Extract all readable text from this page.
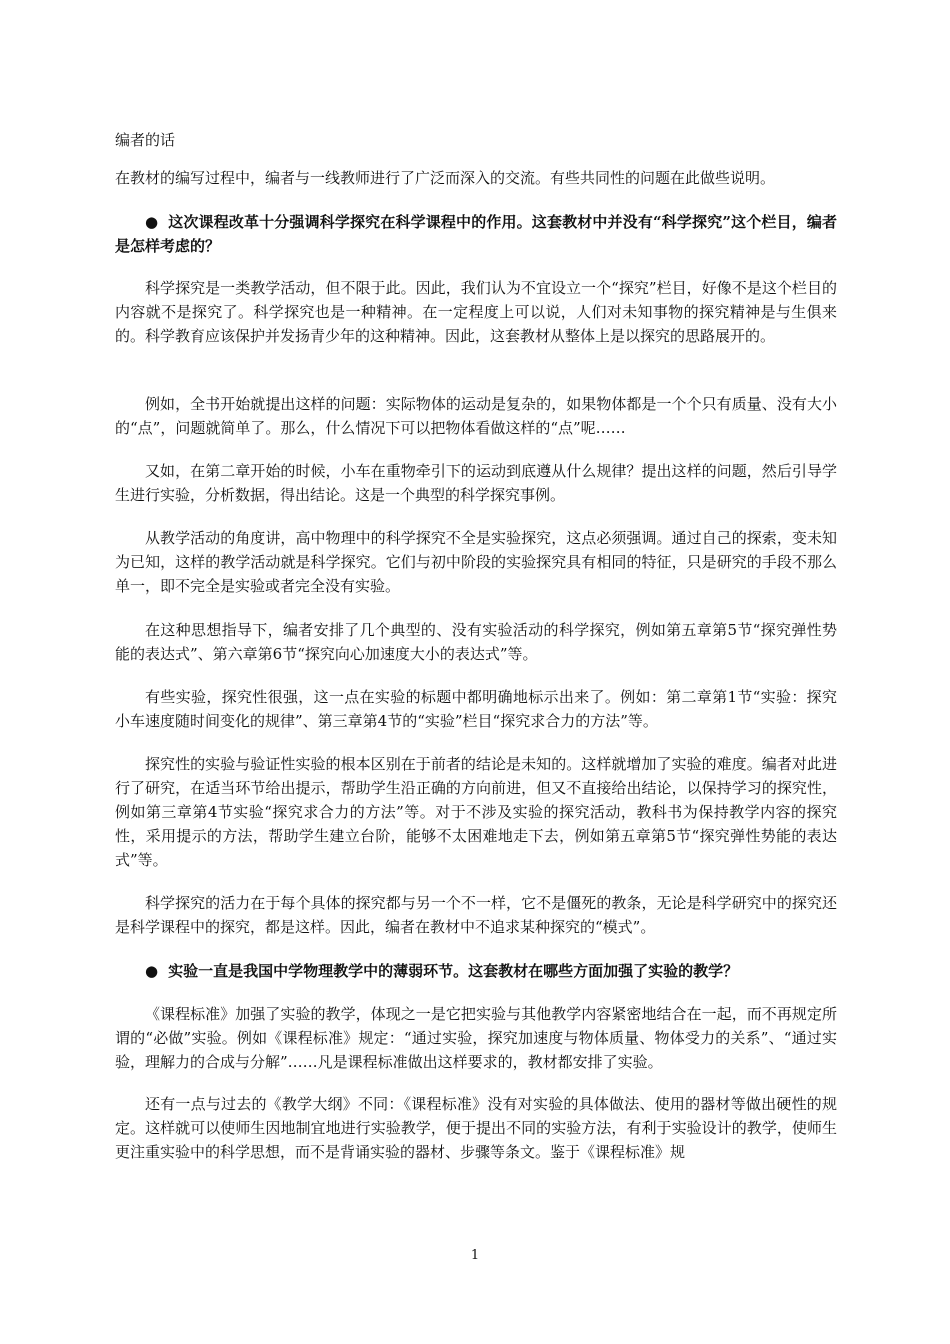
编者的话

在教材的编写过程中，编者与一线教师进行了广泛而深入的交流。有些共同性的问题在此做些说明。

● 这次课程改革十分强调科学探究在科学课程中的作用。这套教材中并没有“科学探究”这个栏目，编者是怎样考虑的？

科学探究是一类教学活动，但不限于此。因此，我们认为不宜设立一个“探究”栏目，好像不是这个栏目的内容就不是探究了。科学探究也是一种精神。在一定程度上可以说，人们对未知事物的探究精神是与生俱来的。科学教育应该保护并发扬青少年的这种精神。因此，这套教材从整体上是以探究的思路展开的。

例如，全书开始就提出这样的问题：实际物体的运动是复杂的，如果物体都是一个个只有质量、没有大小的“点”，问题就简单了。那么，什么情况下可以把物体看做这样的“点”呢……

又如，在第二章开始的时候，小车在重物牵引下的运动到底遵从什么规律？提出这样的问题，然后引导学生进行实验，分析数据，得出结论。这是一个典型的科学探究事例。

从教学活动的角度讲，高中物理中的科学探究不全是实验探究，这点必须强调。通过自己的探索，变未知为已知，这样的教学活动就是科学探究。它们与初中阶段的实验探究具有相同的特征，只是研究的手段不那么单一，即不完全是实验或者完全没有实验。

在这种思想指导下，编者安排了几个典型的、没有实验活动的科学探究，例如第五章第5节“探究弹性势能的表达式”、第六章第6节“探究向心加速度大小的表达式”等。

有些实验，探究性很强，这一点在实验的标题中都明确地标示出来了。例如：第二章第1节“实验：探究小车速度随时间变化的规律”、第三章第4节的“实验”栏目“探究求合力的方法”等。

探究性的实验与验证性实验的根本区别在于前者的结论是未知的。这样就增加了实验的难度。编者对此进行了研究，在适当环节给出提示，帮助学生沿正确的方向前进，但又不直接给出结论，以保持学习的探究性，例如第三章第4节实验“探究求合力的方法”等。对于不涉及实验的探究活动，教科书为保持教学内容的探究性，采用提示的方法，帮助学生建立台阶，能够不太困难地走下去，例如第五章第5节“探究弹性势能的表达式”等。

科学探究的活力在于每个具体的探究都与另一个不一样，它不是僵死的教条，无论是科学研究中的探究还是科学课程中的探究，都是这样。因此，编者在教材中不追求某种探究的“模式”。

● 实验一直是我国中学物理教学中的薄弱环节。这套教材在哪些方面加强了实验的教学？

《课程标准》加强了实验的教学，体现之一是它把实验与其他教学内容紧密地结合在一起，而不再规定所谓的“必做”实验。例如《课程标准》规定：“通过实验，探究加速度与物体质量、物体受力的关系”、“通过实验，理解力的合成与分解”……凡是课程标准做出这样要求的，教材都安排了实验。

还有一点与过去的《教学大纲》不同：《课程标准》没有对实验的具体做法、使用的器材等做出硬性的规定。这样就可以使师生因地制宜地进行实验教学，便于提出不同的实验方法，有利于实验设计的教学，使师生更注重实验中的科学思想，而不是背诵实验的器材、步骤等条文。鉴于《课程标准》规

1
